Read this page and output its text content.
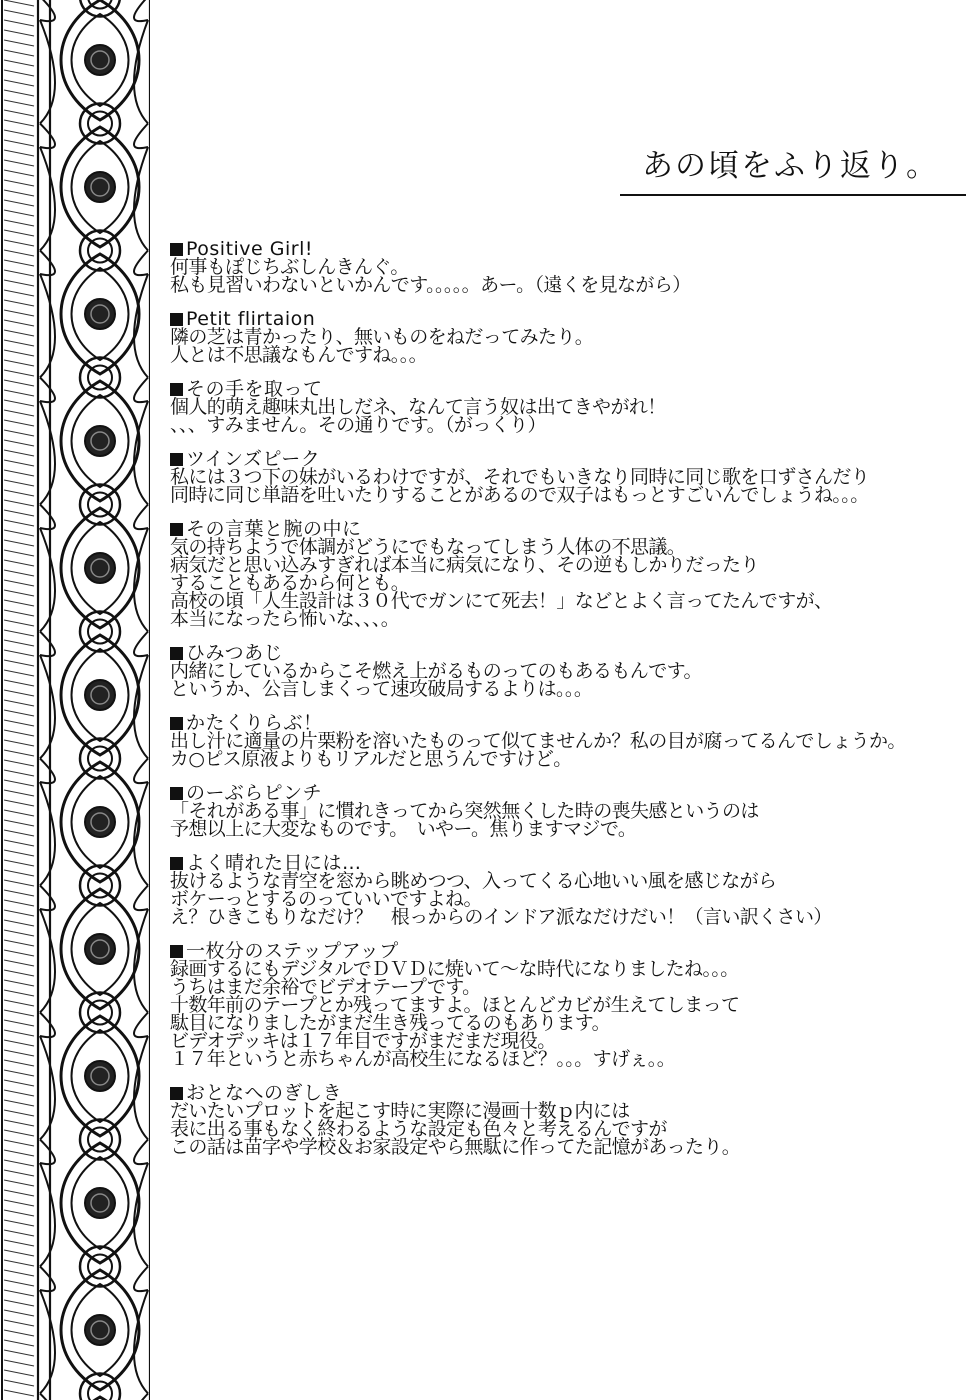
あの頃をふり返り。
Positive Girl!
何事もぽじちぶしんきんぐ。
私も見習いわないといかんです。。。。。あー。（遠くを見ながら）
Petit flirtaion
隣の芝は青かったり、無いものをねだってみたり。
人とは不思議なもんですね。。。
その手を取って
個人的萌え趣味丸出しだネ、なんて言う奴は出てきやがれ！
、、、すみません。その通りです。（がっくり）
ツインズピーク
私には３つ下の妹がいるわけですが、それでもいきなり同時に同じ歌を口ずさんだり
同時に同じ単語を吐いたりすることがあるので双子はもっとすごいんでしょうね。。。
その言葉と腕の中に
気の持ちようで体調がどうにでもなってしまう人体の不思議。
病気だと思い込みすぎれば本当に病気になり、その逆もしかりだったり
することもあるから何とも。
高校の頃「人生設計は３０代でガンにて死去！」などとよく言ってたんですが、
本当になったら怖いな、、、。
ひみつあじ
内緒にしているからこそ燃え上がるものってのもあるもんです。
というか、公言しまくって速攻破局するよりは。。。
かたくりらぶ！
出し汁に適量の片栗粉を溶いたものって似てませんか？私の目が腐ってるんでしょうか。
カ○ピス原液よりもリアルだと思うんですけど。
のーぶらピンチ
「それがある事」に慣れきってから突然無くした時の喪失感というのは
予想以上に大変なものです。　いやー。焦りますマジで。
よく晴れた日には…
抜けるような青空を窓から眺めつつ、入ってくる心地いい風を感じながら
ボケーっとするのっていいですよね。
え？ひきこもりなだけ？　根っからのインドア派なだけだい！（言い訳くさい）
一枚分のステップアップ
録画するにもデジタルでＤＶＤに焼いて～な時代になりましたね。。。
うちはまだ余裕でビデオテープです。
十数年前のテープとか残ってますよ。ほとんどカビが生えてしまって
駄目になりましたがまだ生き残ってるのもあります。
ビデオデッキは１７年目ですがまだまだ現役。
１７年というと赤ちゃんが高校生になるほど？。。。すげぇ。。
おとなへのぎしき
だいたいプロットを起こす時に実際に漫画十数ｐ内には
表に出る事もなく終わるような設定も色々と考えるんですが
この話は苗字や学校＆お家設定やら無駄に作ってた記憶があったり。
